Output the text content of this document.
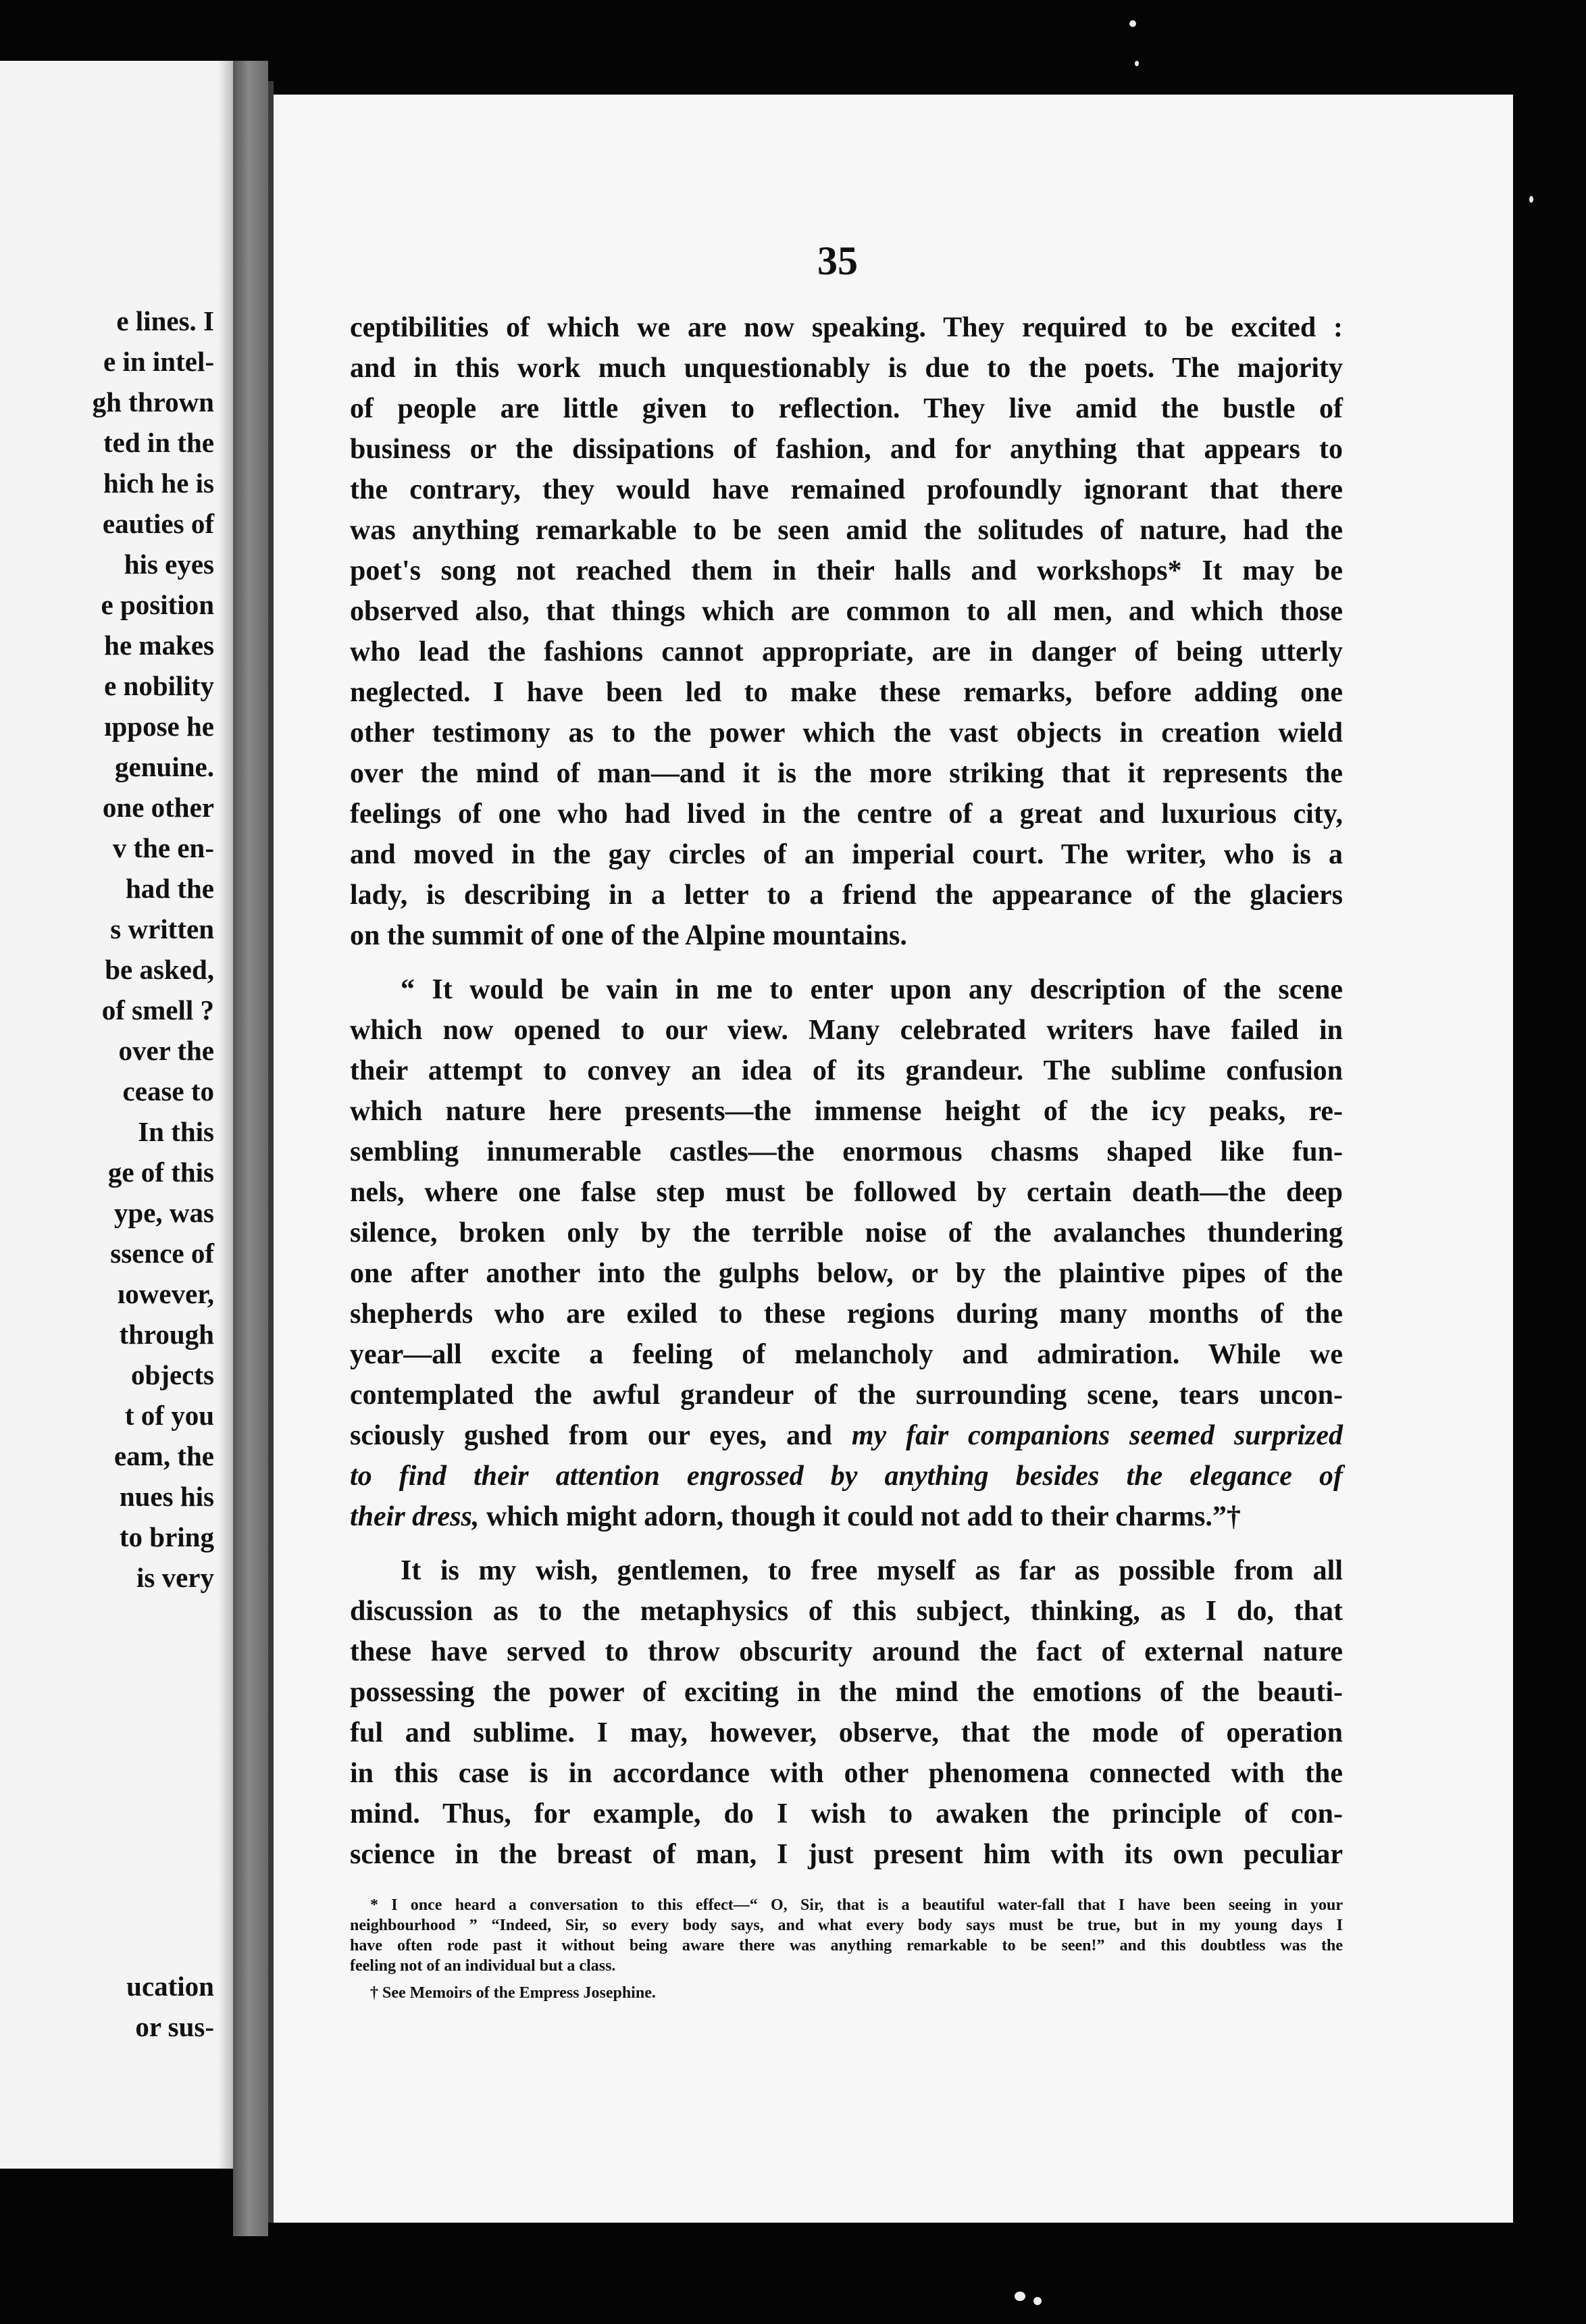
e lines. I
e in intel-
gh thrown
ted in the
hich he is
eauties of
his eyes
e position
he makes
e nobility
ıppose he
genuine.
one other
v the en-
had the
s written
be asked,
of smell ?
over the
cease to
In this
ge of this
ype, was
ssence of
ıowever,
through
objects
t of you
eam, the
nues his
to bring
is very
ucation
or sus-
35
ceptibilities of which we are now speaking. They required to be excited :
and in this work much unquestionably is due to the poets. The majority
of people are little given to reflection. They live amid the bustle of
business or the dissipations of fashion, and for anything that appears to
the contrary, they would have remained profoundly ignorant that there
was anything remarkable to be seen amid the solitudes of nature, had the
poet's song not reached them in their halls and workshops* It may be
observed also, that things which are common to all men, and which those
who lead the fashions cannot appropriate, are in danger of being utterly
neglected. I have been led to make these remarks, before adding one
other testimony as to the power which the vast objects in creation wield
over the mind of man—and it is the more striking that it represents the
feelings of one who had lived in the centre of a great and luxurious city,
and moved in the gay circles of an imperial court. The writer, who is a
lady, is describing in a letter to a friend the appearance of the glaciers
on the summit of one of the Alpine mountains.
“ It would be vain in me to enter upon any description of the scene
which now opened to our view. Many celebrated writers have failed in
their attempt to convey an idea of its grandeur. The sublime confusion
which nature here presents—the immense height of the icy peaks, re-
sembling innumerable castles—the enormous chasms shaped like fun-
nels, where one false step must be followed by certain death—the deep
silence, broken only by the terrible noise of the avalanches thundering
one after another into the gulphs below, or by the plaintive pipes of the
shepherds who are exiled to these regions during many months of the
year—all excite a feeling of melancholy and admiration. While we
contemplated the awful grandeur of the surrounding scene, tears uncon-
sciously gushed from our eyes, and my fair companions seemed surprized
to find their attention engrossed by anything besides the elegance of
their dress, which might adorn, though it could not add to their charms.”†
It is my wish, gentlemen, to free myself as far as possible from all
discussion as to the metaphysics of this subject, thinking, as I do, that
these have served to throw obscurity around the fact of external nature
possessing the power of exciting in the mind the emotions of the beauti-
ful and sublime. I may, however, observe, that the mode of operation
in this case is in accordance with other phenomena connected with the
mind. Thus, for example, do I wish to awaken the principle of con-
science in the breast of man, I just present him with its own peculiar
* I once heard a conversation to this effect—“ O, Sir, that is a beautiful water-fall that I have been seeing in your
neighbourhood ” “Indeed, Sir, so every body says, and what every body says must be true, but in my young days I
have often rode past it without being aware there was anything remarkable to be seen!” and this doubtless was the
feeling not of an individual but a class.
† See Memoirs of the Empress Josephine.
